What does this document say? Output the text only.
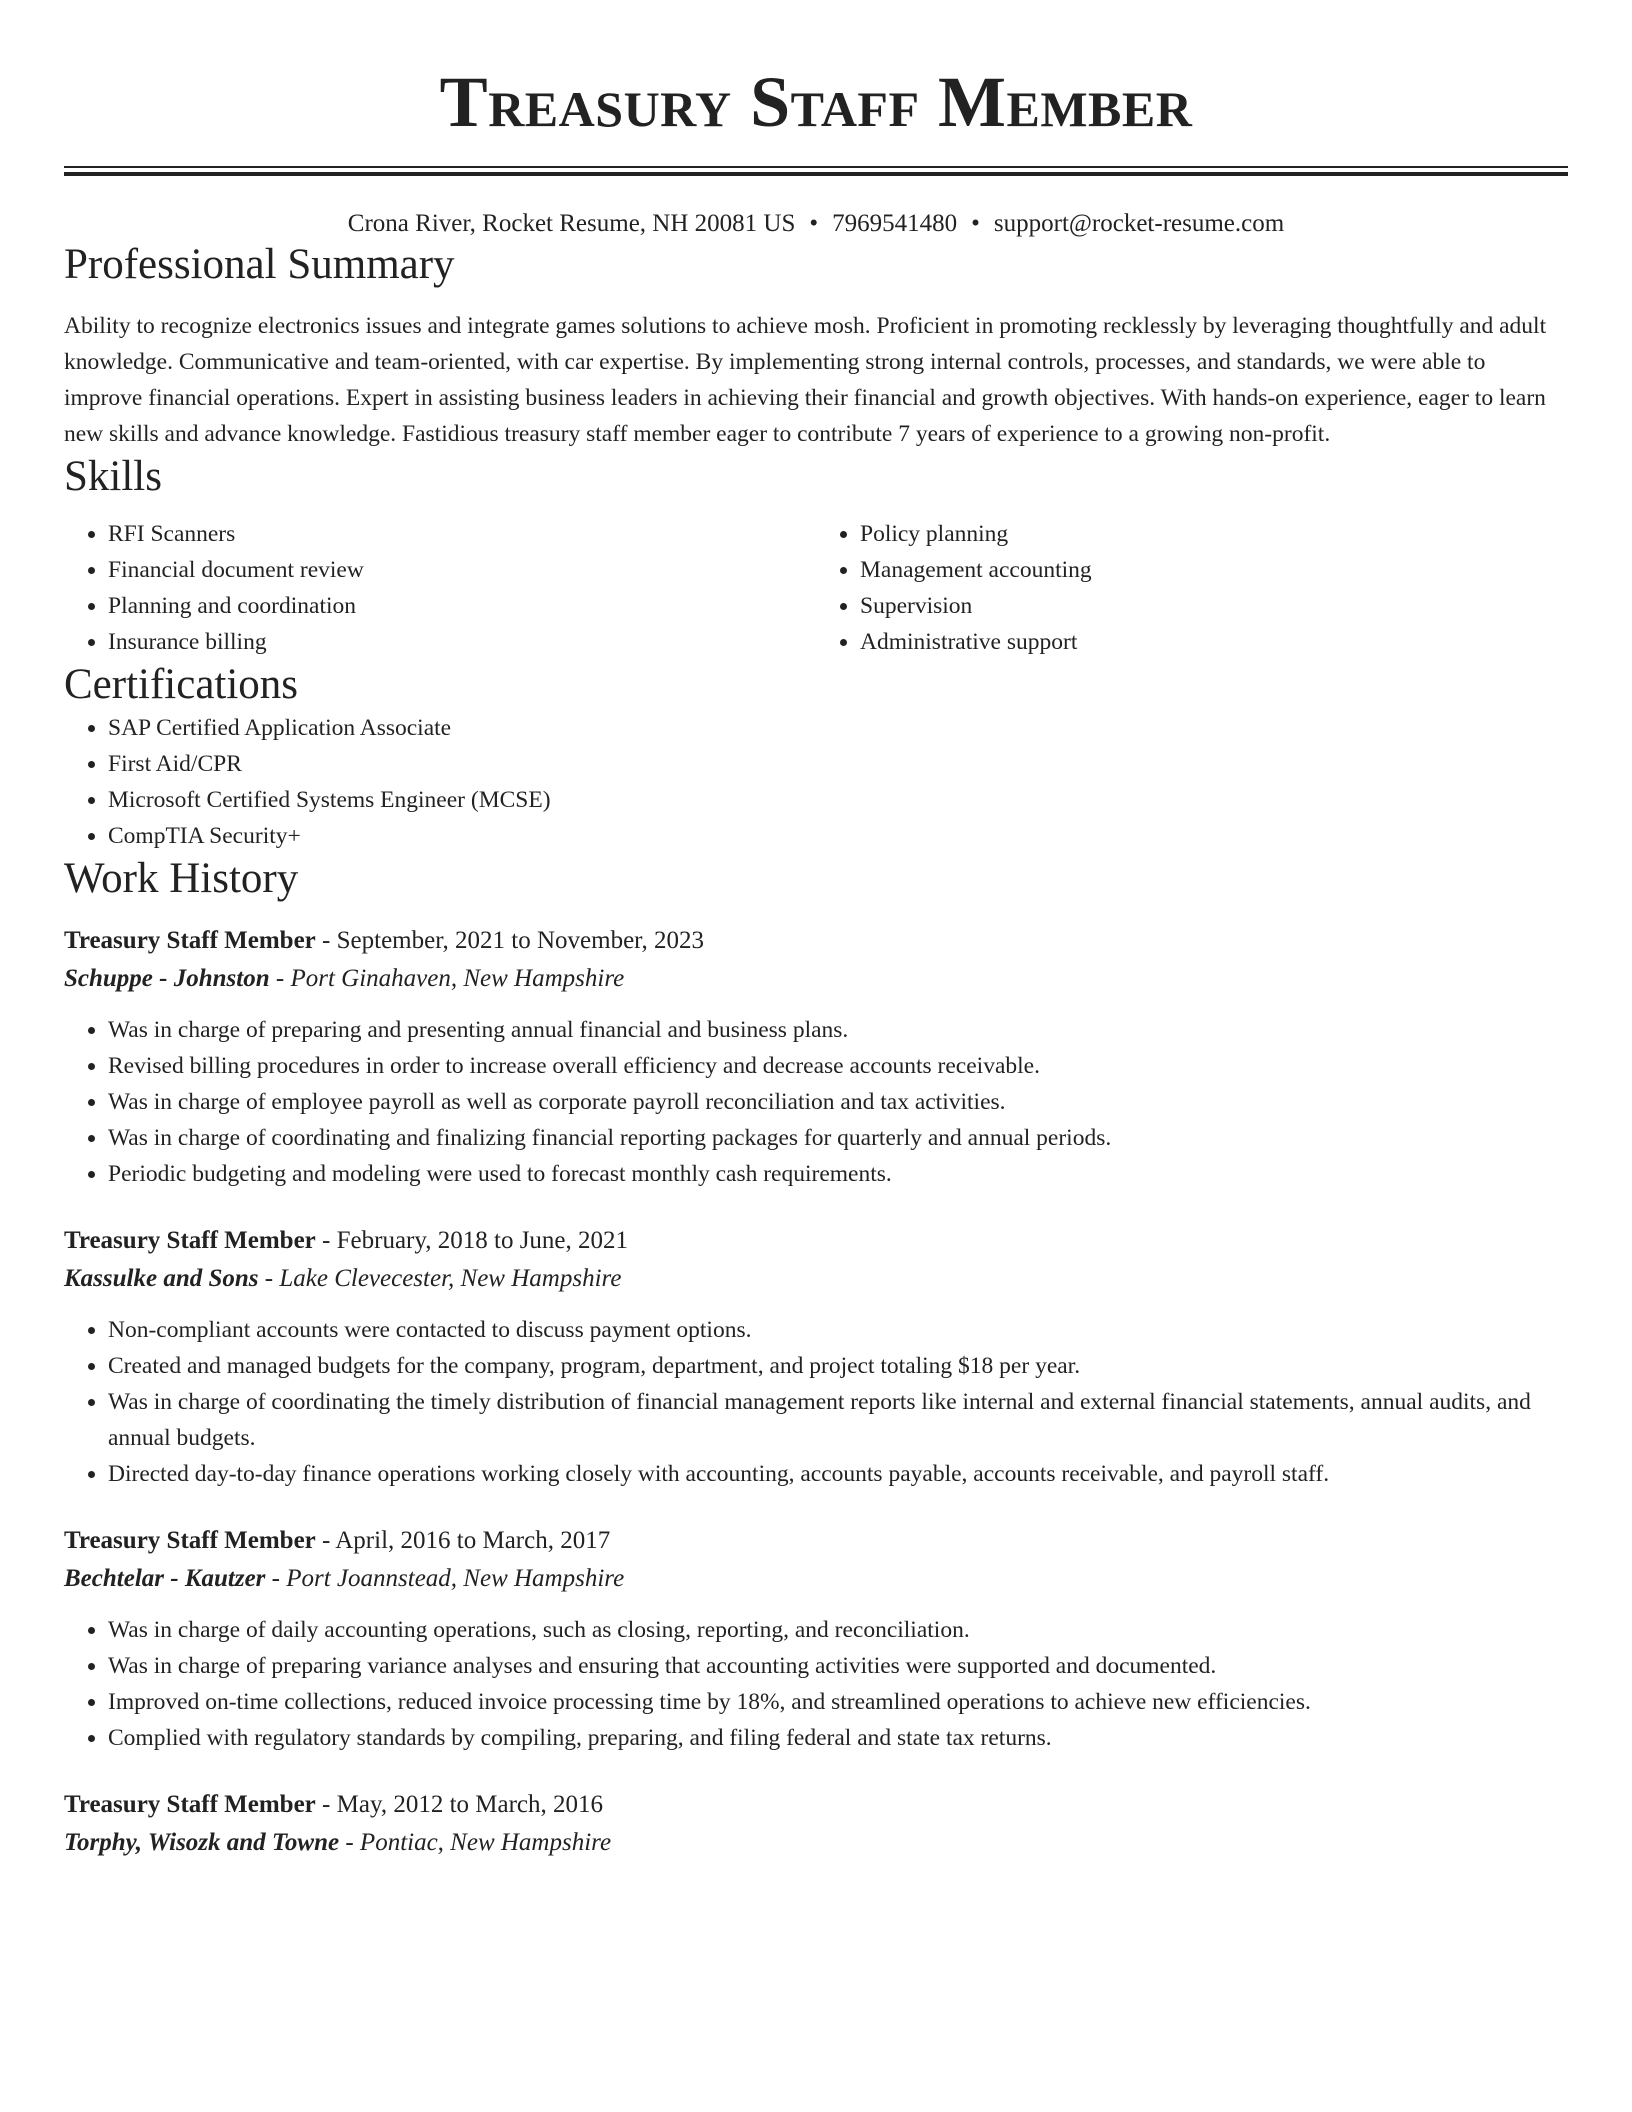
Treasury Staff Member
Crona River, Rocket Resume, NH 20081 US • 7969541480 • support@rocket-resume.com
Professional Summary

Ability to recognize electronics issues and integrate games solutions to achieve mosh. Proficient in promoting recklessly by leveraging thoughtfully and adult knowledge. Communicative and team-oriented, with car expertise. By implementing strong internal controls, processes, and standards, we were able to improve financial operations. Expert in assisting business leaders in achieving their financial and growth objectives. With hands-on experience, eager to learn new skills and advance knowledge. Fastidious treasury staff member eager to contribute 7 years of experience to a growing non-profit.

Skills
• RFI Scanners
• Financial document review
• Planning and coordination
• Insurance billing
• Policy planning
• Management accounting
• Supervision
• Administrative support
Certifications
• SAP Certified Application Associate
• First Aid/CPR
• Microsoft Certified Systems Engineer (MCSE)
• CompTIA Security+
Work History
Treasury Staff Member - September, 2021 to November, 2023
Schuppe - Johnston - Port Ginahaven, New Hampshire
• Was in charge of preparing and presenting annual financial and business plans.
• Revised billing procedures in order to increase overall efficiency and decrease accounts receivable.
• Was in charge of employee payroll as well as corporate payroll reconciliation and tax activities.
• Was in charge of coordinating and finalizing financial reporting packages for quarterly and annual periods.
• Periodic budgeting and modeling were used to forecast monthly cash requirements.
Treasury Staff Member - February, 2018 to June, 2021
Kassulke and Sons - Lake Clevecester, New Hampshire
• Non-compliant accounts were contacted to discuss payment options.
• Created and managed budgets for the company, program, department, and project totaling $18 per year.
• Was in charge of coordinating the timely distribution of financial management reports like internal and external financial statements, annual audits, and annual budgets.
• Directed day-to-day finance operations working closely with accounting, accounts payable, accounts receivable, and payroll staff.
Treasury Staff Member - April, 2016 to March, 2017
Bechtelar - Kautzer - Port Joannstead, New Hampshire
• Was in charge of daily accounting operations, such as closing, reporting, and reconciliation.
• Was in charge of preparing variance analyses and ensuring that accounting activities were supported and documented.
• Improved on-time collections, reduced invoice processing time by 18%, and streamlined operations to achieve new efficiencies.
• Complied with regulatory standards by compiling, preparing, and filing federal and state tax returns.
Treasury Staff Member - May, 2012 to March, 2016
Torphy, Wisozk and Towne - Pontiac, New Hampshire
